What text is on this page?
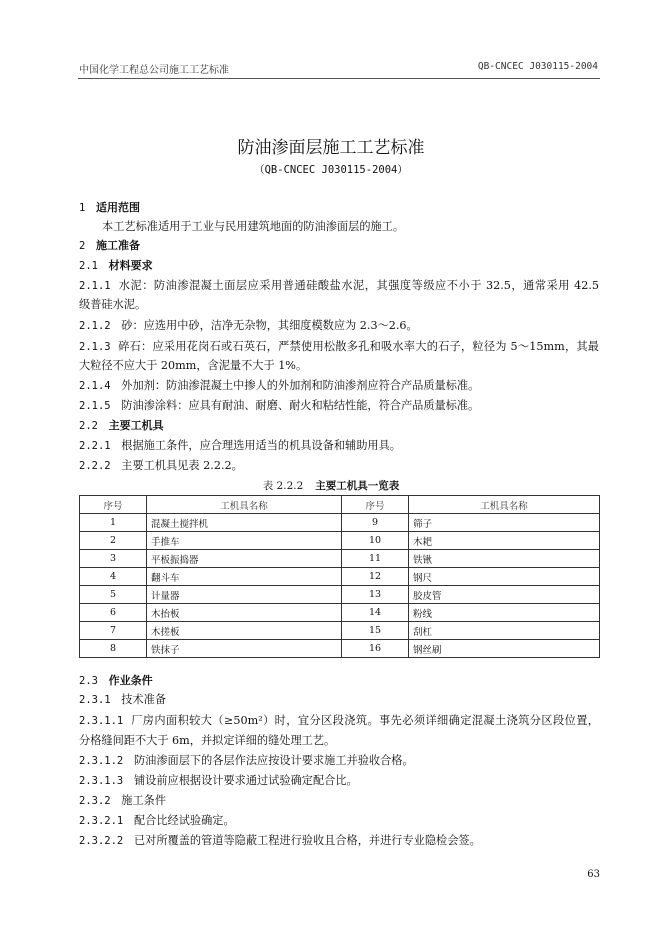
中国化学工程总公司施工工艺标准	QB-CNCEC J030115-2004
防油渗面层施工工艺标准
（QB-CNCEC J030115-2004）
1 适用范围
本工艺标准适用于工业与民用建筑地面的防油渗面层的施工。
2 施工准备
2.1 材料要求
2.1.1 水泥：防油渗混凝土面层应采用普通硅酸盐水泥，其强度等级应不小于 32.5，通常采用 42.5
级普硅水泥。
2.1.2 砂：应选用中砂，洁净无杂物，其细度模数应为 2.3～2.6。
2.1.3 碎石：应采用花岗石或石英石，严禁使用松散多孔和吸水率大的石子，粒径为 5～15mm，其最
大粒径不应大于 20mm，含泥量不大于 1%。
2.1.4 外加剂：防油渗混凝土中掺人的外加剂和防油渗剂应符合产品质量标准。
2.1.5 防油渗涂料：应具有耐油、耐磨、耐火和粘结性能，符合产品质量标准。
2.2 主要工机具
2.2.1 根据施工条件，应合理选用适当的机具设备和辅助用具。
2.2.2 主要工机具见表 2.2.2。
表 2.2.2 主要工机具一览表
序号	工机具名称	序号	工机具名称
1	混凝土搅拌机	9	筛子
2	手推车	10	木耙
3	平板振捣器	11	铁锹
4	翻斗车	12	钢尺
5	计量器	13	胶皮管
6	木抬板	14	粉线
7	木搓板	15	刮杠
8	铁抹子	16	钢丝刷
2.3 作业条件
2.3.1 技术准备
2.3.1.1 厂房内面积较大（≥50m²）时，宜分区段浇筑。事先必须详细确定混凝土浇筑分区段位置，
分格缝间距不大于 6m，并拟定详细的缝处理工艺。
2.3.1.2 防油渗面层下的各层作法应按设计要求施工并验收合格。
2.3.1.3 铺设前应根据设计要求通过试验确定配合比。
2.3.2 施工条件
2.3.2.1 配合比经试验确定。
2.3.2.2 已对所覆盖的管道等隐蔽工程进行验收且合格，并进行专业隐检会签。
63
